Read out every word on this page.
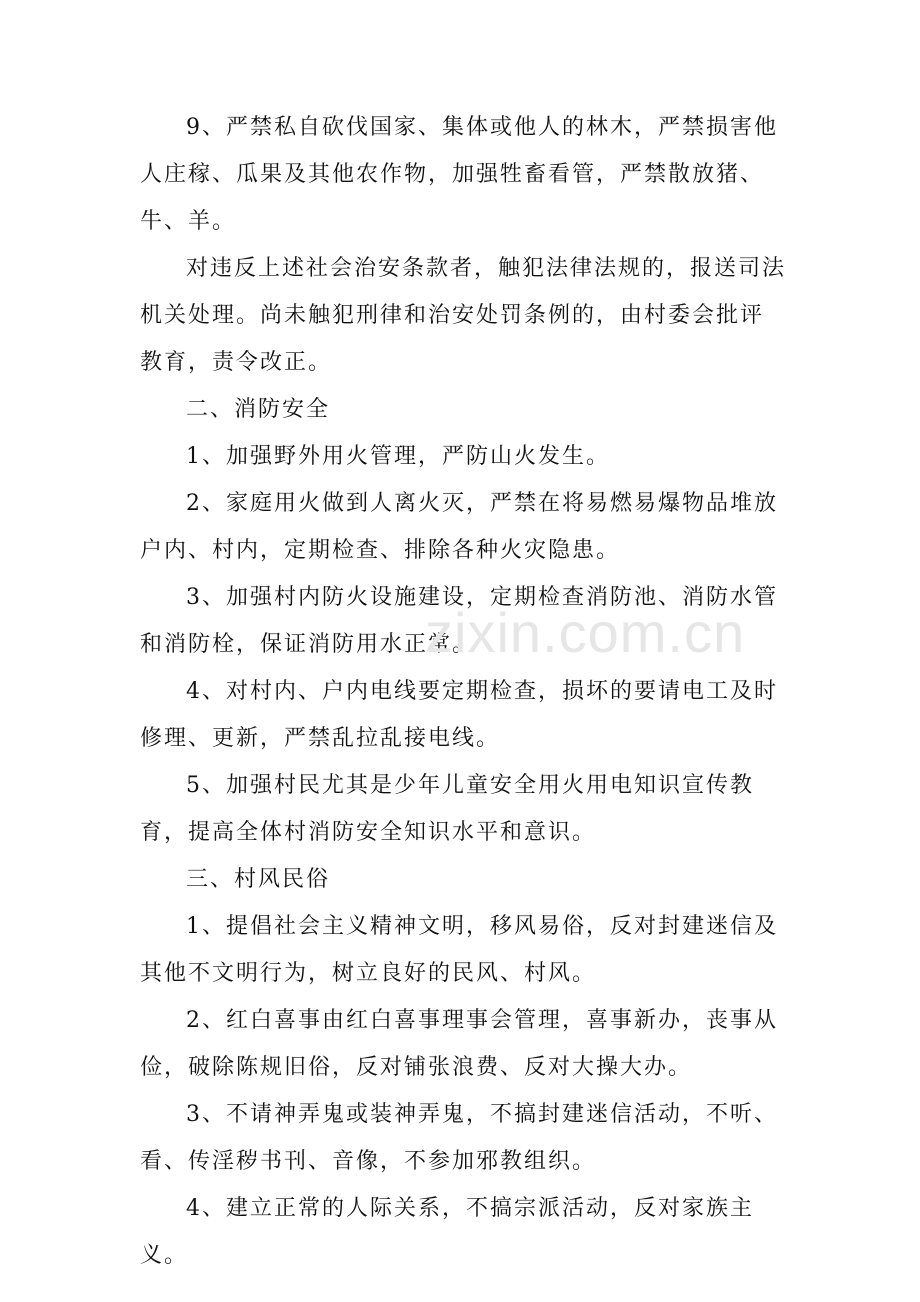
9、严禁私自砍伐国家、集体或他人的林木，严禁损害他人庄稼、瓜果及其他农作物，加强牲畜看管，严禁散放猪、牛、羊。

对违反上述社会治安条款者，触犯法律法规的，报送司法机关处理。尚未触犯刑律和治安处罚条例的，由村委会批评教育，责令改正。

二、消防安全

1、加强野外用火管理，严防山火发生。

2、家庭用火做到人离火灭，严禁在将易燃易爆物品堆放户内、村内，定期检查、排除各种火灾隐患。

3、加强村内防火设施建设，定期检查消防池、消防水管和消防栓，保证消防用水正常。

4、对村内、户内电线要定期检查，损坏的要请电工及时修理、更新，严禁乱拉乱接电线。

5、加强村民尤其是少年儿童安全用火用电知识宣传教育，提高全体村消防安全知识水平和意识。

三、村风民俗

1、提倡社会主义精神文明，移风易俗，反对封建迷信及其他不文明行为，树立良好的民风、村风。

2、红白喜事由红白喜事理事会管理，喜事新办，丧事从俭，破除陈规旧俗，反对铺张浪费、反对大操大办。

3、不请神弄鬼或装神弄鬼，不搞封建迷信活动，不听、看、传淫秽书刊、音像，不参加邪教组织。

4、建立正常的人际关系，不搞宗派活动，反对家族主义。

zixin.com.cn
